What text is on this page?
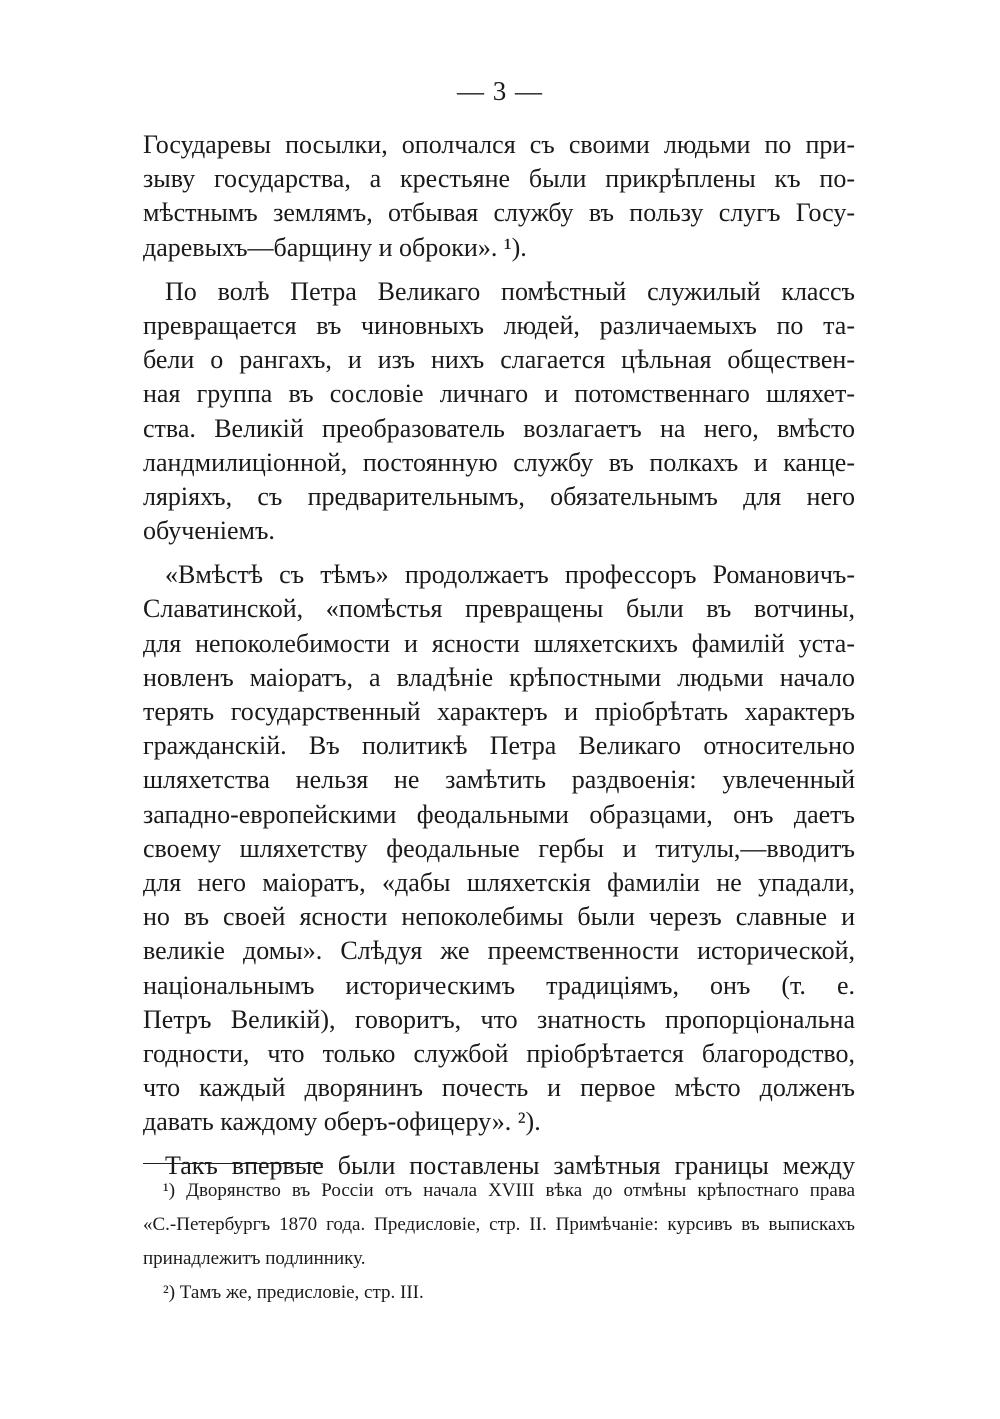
— 3 —
Государевы посылки, ополчался съ своими людьми по при-
зыву государства, а крестьяне были прикрѣплены къ по-
мѣстнымъ землямъ, отбывая службу въ пользу слугъ Госу-
даревыхъ—барщину и оброки». ¹).
По волѣ Петра Великаго помѣстный служилый классъ
превращается въ чиновныхъ людей, различаемыхъ по та-
бели о рангахъ, и изъ нихъ слагается цѣльная обществен-
ная группа въ сословіе личнаго и потомственнаго шляхет-
ства. Великій преобразователь возлагаетъ на него, вмѣсто
ландмилиціонной, постоянную службу въ полкахъ и канце-
ляріяхъ, съ предварительнымъ, обязательнымъ для него
обученіемъ.
«Вмѣстѣ съ тѣмъ» продолжаетъ профессоръ Романовичъ-
Славатинской, «помѣстья превращены были въ вотчины,
для непоколебимости и ясности шляхетскихъ фамилій уста-
новленъ маіоратъ, а владѣніе крѣпостными людьми начало
терять государственный характеръ и пріобрѣтать характеръ
гражданскій. Въ политикѣ Петра Великаго относительно
шляхетства нельзя не замѣтить раздвоенія: увлеченный
западно-европейскими феодальными образцами, онъ даетъ
своему шляхетству феодальные гербы и титулы,—вводитъ
для него маіоратъ, «дабы шляхетскія фамиліи не упадали,
но въ своей ясности непоколебимы были черезъ славные и
великіе домы». Слѣдуя же преемственности исторической,
національнымъ историческимъ традиціямъ, онъ (т. е.
Петръ Великій), говоритъ, что знатность пропорціональна
годности, что только службой пріобрѣтается благородство,
что каждый дворянинъ почесть и первое мѣсто долженъ
давать каждому оберъ-офицеру». ²).
Такъ впервые были поставлены замѣтныя границы между
¹) Дворянство въ Россіи отъ начала XVIII вѣка до отмѣны крѣпостнаго права
«С.-Петербургъ 1870 года. Предисловіе, стр. II. Примѣчаніе: курсивъ въ выпискахъ
принадлежитъ подлиннику.
²) Тамъ же, предисловіе, стр. III.
